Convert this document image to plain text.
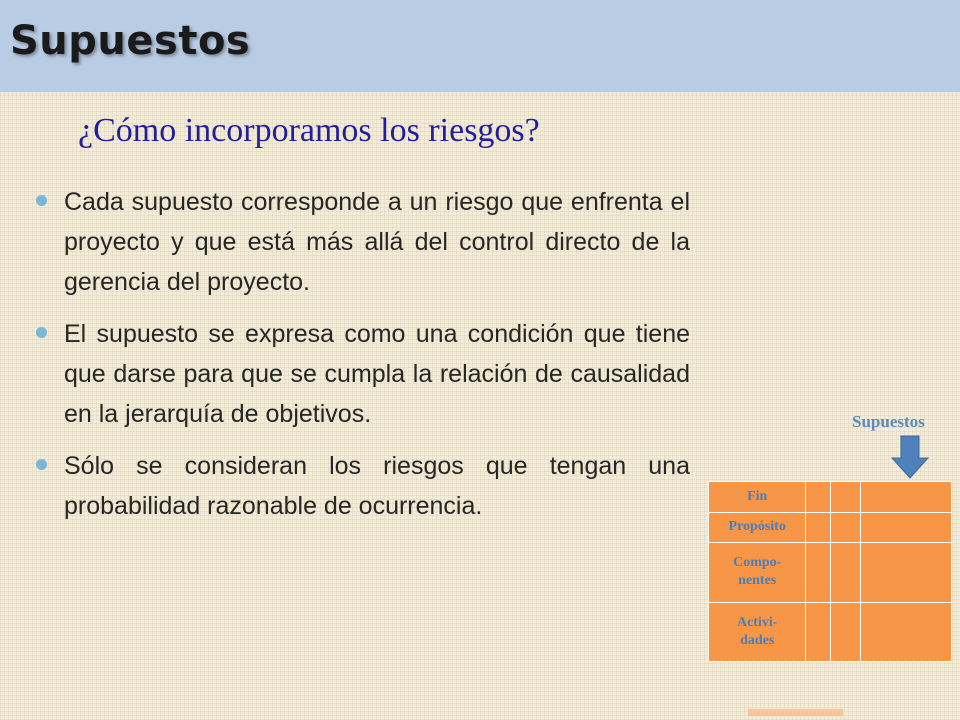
Supuestos
¿Cómo incorporamos los riesgos?
Cada supuesto corresponde a un riesgo que enfrenta el proyecto y que está más allá del control directo de la gerencia del proyecto.
El supuesto se expresa como una condición que tiene que darse para que se cumpla la relación de causalidad en la jerarquía de objetivos.
Sólo se consideran los riesgos que tengan una probabilidad razonable de ocurrencia.
Supuestos
Fin			
Propósito			
Compo-
nentes			
Activi-
dades			
